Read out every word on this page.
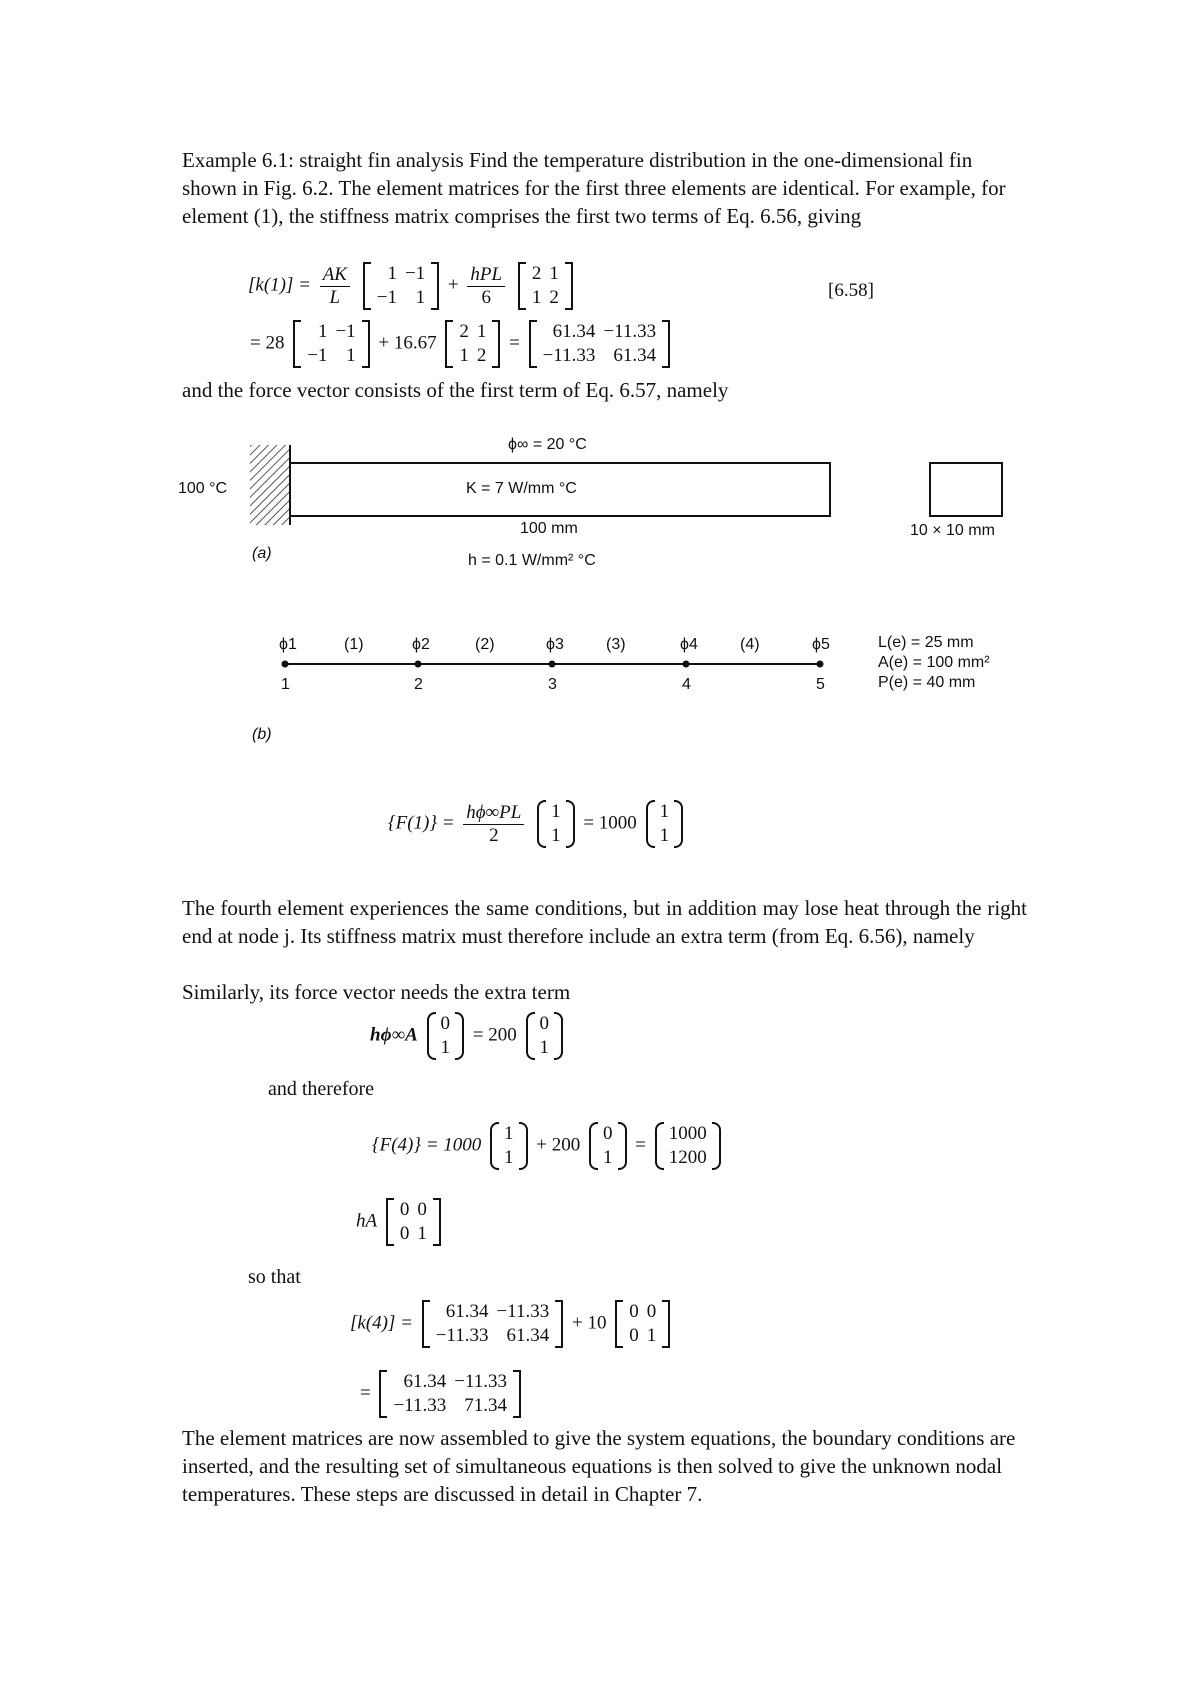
Example 6.1: straight fin analysis Find the temperature distribution in the one-dimensional fin shown in Fig. 6.2. The element matrices for the first three elements are identical. For example, for element (1), the stiffness matrix comprises the first two terms of Eq. 6.56, giving
$[k(1)] = \frac{AK}{L}$
1	−1
−1	1
+ $\frac{\text{hPL}}{6}$
2	1
1	2	[6.58]
= 28
1	−1
−1	1
+ 16.67
2	1
1	2
=
61.34	−11.33
−11.33	61.34
and the force vector consists of the first term of Eq. 6.57, namely
ϕ∞ = 20 °C
100 °C	K = 7 W/mm °C
100 mm	10 × 10 mm
(a)	h = 0.1 W/mm² °C
ϕ1	(1)	ϕ2	(2)	ϕ3	(3)	ϕ4	(4)	ϕ5
1	2	3	4	5
L(e) = 25 mm
A(e) = 100 mm²
P(e) = 40 mm
(b)
$\{F(1)\} = \frac{h\phi\infty PL}{2}$
1
1
= 1000
1
1
The fourth element experiences the same conditions, but in addition may lose heat through the right end at node j. Its stiffness matrix must therefore include an extra term (from Eq. 6.56), namely
Similarly, its force vector needs the extra term
hϕ∞A
0
1
= 200
0
1
and therefore
{F(4)} = 1000
1
1
+ 200
0
1
=
1000
1200
hA
0	0
0	1
so that
[k(4)] =
61.34	−11.33
−11.33	61.34
+ 10
0	0
0	1
=
61.34	−11.33
−11.33	71.34
The element matrices are now assembled to give the system equations, the boundary conditions are inserted, and the resulting set of simultaneous equations is then solved to give the unknown nodal temperatures. These steps are discussed in detail in Chapter 7.
